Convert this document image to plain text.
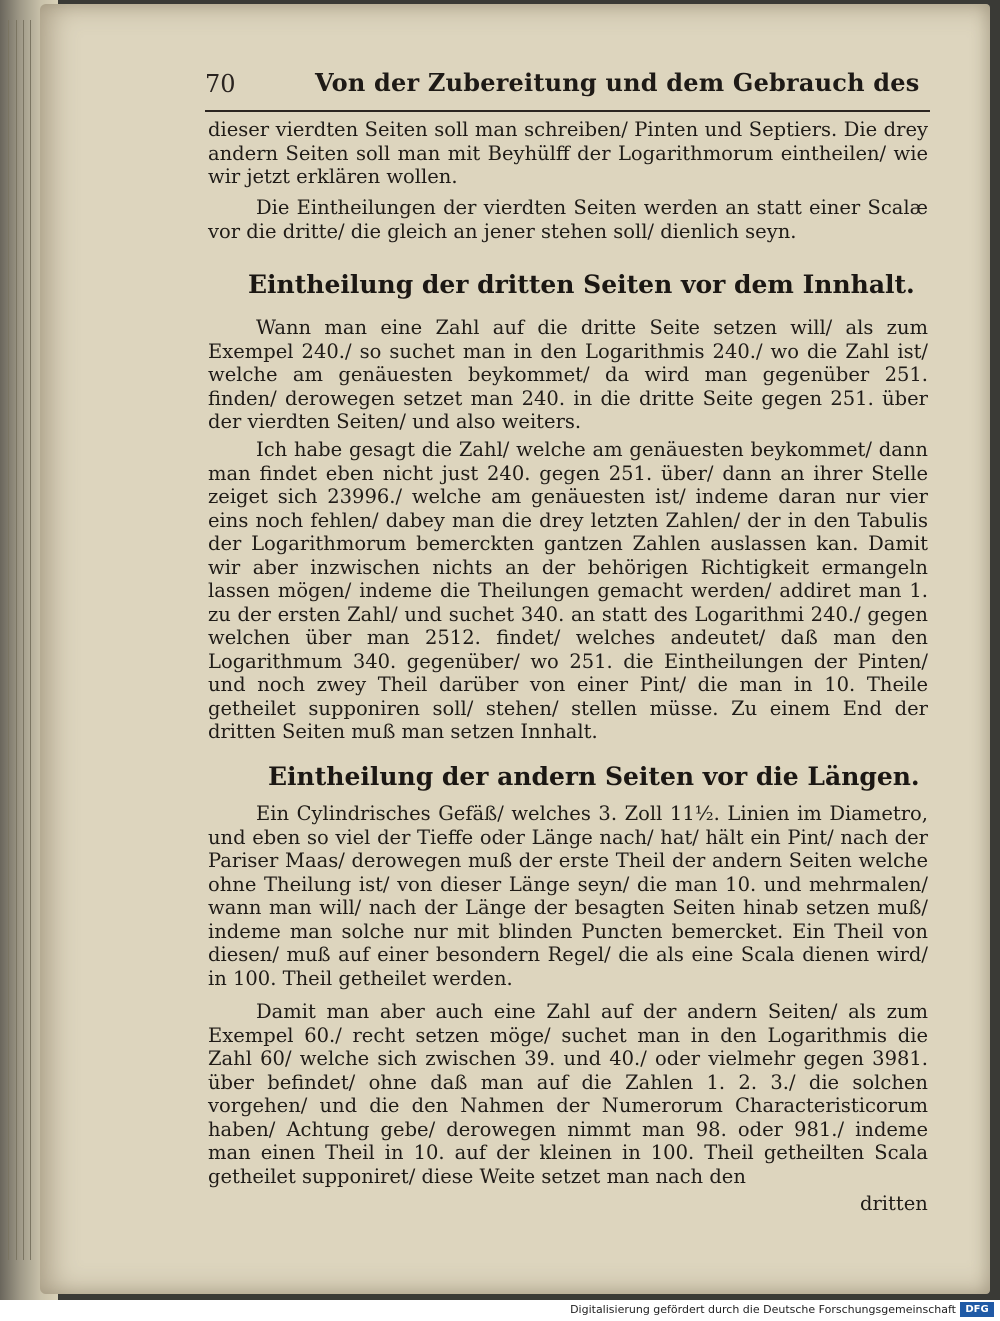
70	Von der Zubereitung und dem Gebrauch des
dieser vierdten Seiten soll man schreiben/ Pinten und Septiers. Die drey andern Seiten soll man mit Beyhülff der Logarithmorum eintheilen/ wie wir jetzt erklären wollen.
Die Eintheilungen der vierdten Seiten werden an statt einer Scalæ vor die dritte/ die gleich an jener stehen soll/ dienlich seyn.
Eintheilung der dritten Seiten vor dem Innhalt.
Wann man eine Zahl auf die dritte Seite setzen will/ als zum Exempel 240./ so suchet man in den Logarithmis 240./ wo die Zahl ist/ welche am genäuesten beykommet/ da wird man gegenüber 251. finden/ derowegen setzet man 240. in die dritte Seite gegen 251. über der vierdten Seiten/ und also weiters.
Ich habe gesagt die Zahl/ welche am genäuesten beykommet/ dann man findet eben nicht just 240. gegen 251. über/ dann an ihrer Stelle zeiget sich 23996./ welche am genäuesten ist/ indeme daran nur vier eins noch fehlen/ dabey man die drey letzten Zahlen/ der in den Tabulis der Logarithmorum bemerckten gantzen Zahlen auslassen kan. Damit wir aber inzwischen nichts an der behörigen Richtigkeit ermangeln lassen mögen/ indeme die Theilungen gemacht werden/ addiret man 1. zu der ersten Zahl/ und suchet 340. an statt des Logarithmi 240./ gegen welchen über man 2512. findet/ welches andeutet/ daß man den Logarithmum 340. gegenüber/ wo 251. die Eintheilungen der Pinten/ und noch zwey Theil darüber von einer Pint/ die man in 10. Theile getheilet supponiren soll/ stehen/ stellen müsse. Zu einem End der dritten Seiten muß man setzen Innhalt.
Eintheilung der andern Seiten vor die Längen.
Ein Cylindrisches Gefäß/ welches 3. Zoll 11½. Linien im Diametro, und eben so viel der Tieffe oder Länge nach/ hat/ hält ein Pint/ nach der Pariser Maas/ derowegen muß der erste Theil der andern Seiten welche ohne Theilung ist/ von dieser Länge seyn/ die man 10. und mehrmalen/ wann man will/ nach der Länge der besagten Seiten hinab setzen muß/ indeme man solche nur mit blinden Puncten bemercket. Ein Theil von diesen/ muß auf einer besondern Regel/ die als eine Scala dienen wird/ in 100. Theil getheilet werden.
Damit man aber auch eine Zahl auf der andern Seiten/ als zum Exempel 60./ recht setzen möge/ suchet man in den Logarithmis die Zahl 60/ welche sich zwischen 39. und 40./ oder vielmehr gegen 3981. über befindet/ ohne daß man auf die Zahlen 1. 2. 3./ die solchen vorgehen/ und die den Nahmen der Numerorum Characteristicorum haben/ Achtung gebe/ derowegen nimmt man 98. oder 981./ indeme man einen Theil in 10. auf der kleinen in 100. Theil getheilten Scala getheilet supponiret/ diese Weite setzet man nach den
dritten
Digitalisierung gefördert durch die Deutsche Forschungsgemeinschaft DFG
